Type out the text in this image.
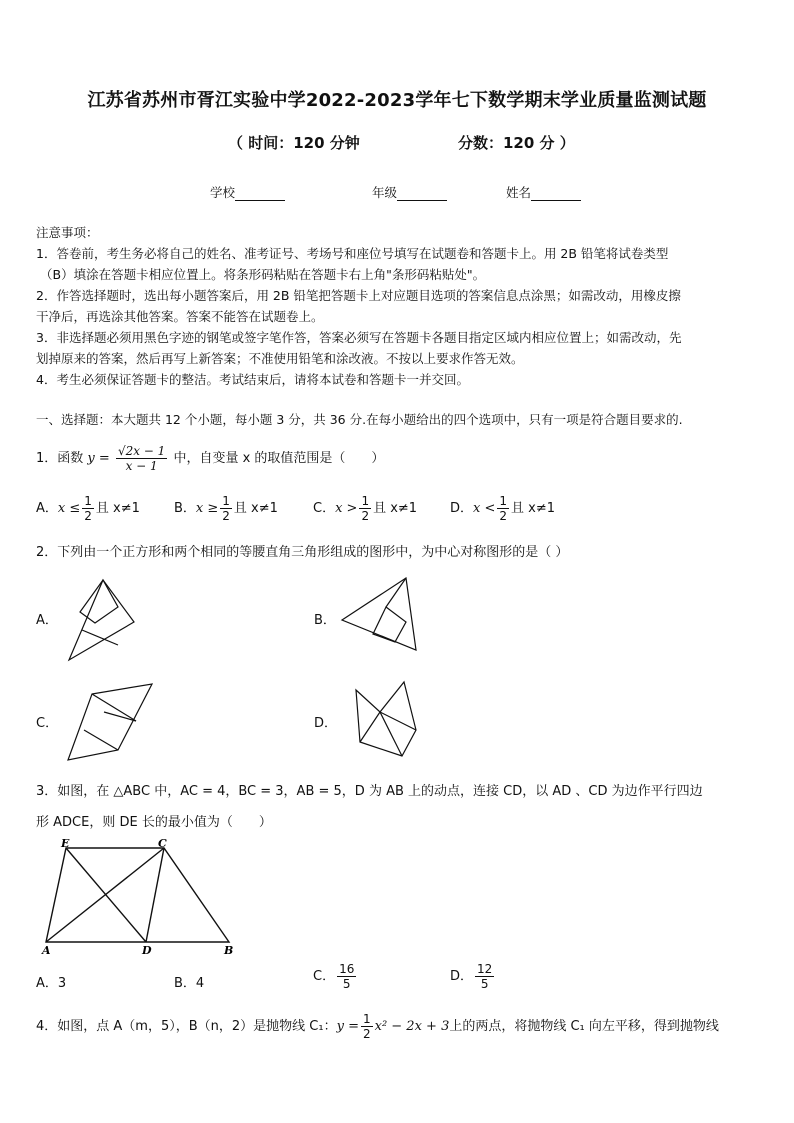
江苏省苏州市胥江实验中学2022-2023学年七下数学期末学业质量监测试题
（ 时间：120 分钟	分数：120 分 ）
学校	年级	姓名
注意事项：
1．答卷前，考生务必将自己的姓名、准考证号、考场号和座位号填写在试题卷和答题卡上。用 2B 铅笔将试卷类型
（B）填涂在答题卡相应位置上。将条形码粘贴在答题卡右上角"条形码粘贴处"。
2．作答选择题时，选出每小题答案后，用 2B 铅笔把答题卡上对应题目选项的答案信息点涂黑；如需改动，用橡皮擦
干净后，再选涂其他答案。答案不能答在试题卷上。
3．非选择题必须用黑色字迹的钢笔或签字笔作答，答案必须写在答题卡各题目指定区域内相应位置上；如需改动，先
划掉原来的答案，然后再写上新答案；不准使用铅笔和涂改液。不按以上要求作答无效。
4．考生必须保证答题卡的整洁。考试结束后，请将本试卷和答题卡一并交回。
一、选择题：本大题共 12 个小题，每小题 3 分，共 36 分.在每小题给出的四个选项中，只有一项是符合题目要求的.
1．函数 $y = \frac{√2x - 1}{x - 1}$ 中，自变量 x 的取值范围是（　　）
A．$x \le \frac{1}{2}$ 且 x≠1	B．$x \ge \frac{1}{2}$ 且 x≠1	C．$x > \frac{1}{2}$ 且 x≠1	D．$x < \frac{1}{2}$ 且 x≠1
2．下列由一个正方形和两个相同的等腰直角三角形组成的图形中，为中心对称图形的是（ ）
A．	B．
C．	D．
3．如图，在 △ABC 中，AC = 4，BC = 3，AB = 5，D 为 AB 上的动点，连接 CD，以 AD 、CD 为边作平行四边
形 ADCE，则 DE 长的最小值为（　　）
E	C
A	D	B
A．3	B．4	C． $\frac{16}{5}$	D． $\frac{12}{5}$
4．如图，点 A（m，5），B（n，2）是抛物线 C₁：$y = \frac{1}{2} x^2 - 2x + 3$上的两点，将抛物线 C₁ 向左平移，得到抛物线
